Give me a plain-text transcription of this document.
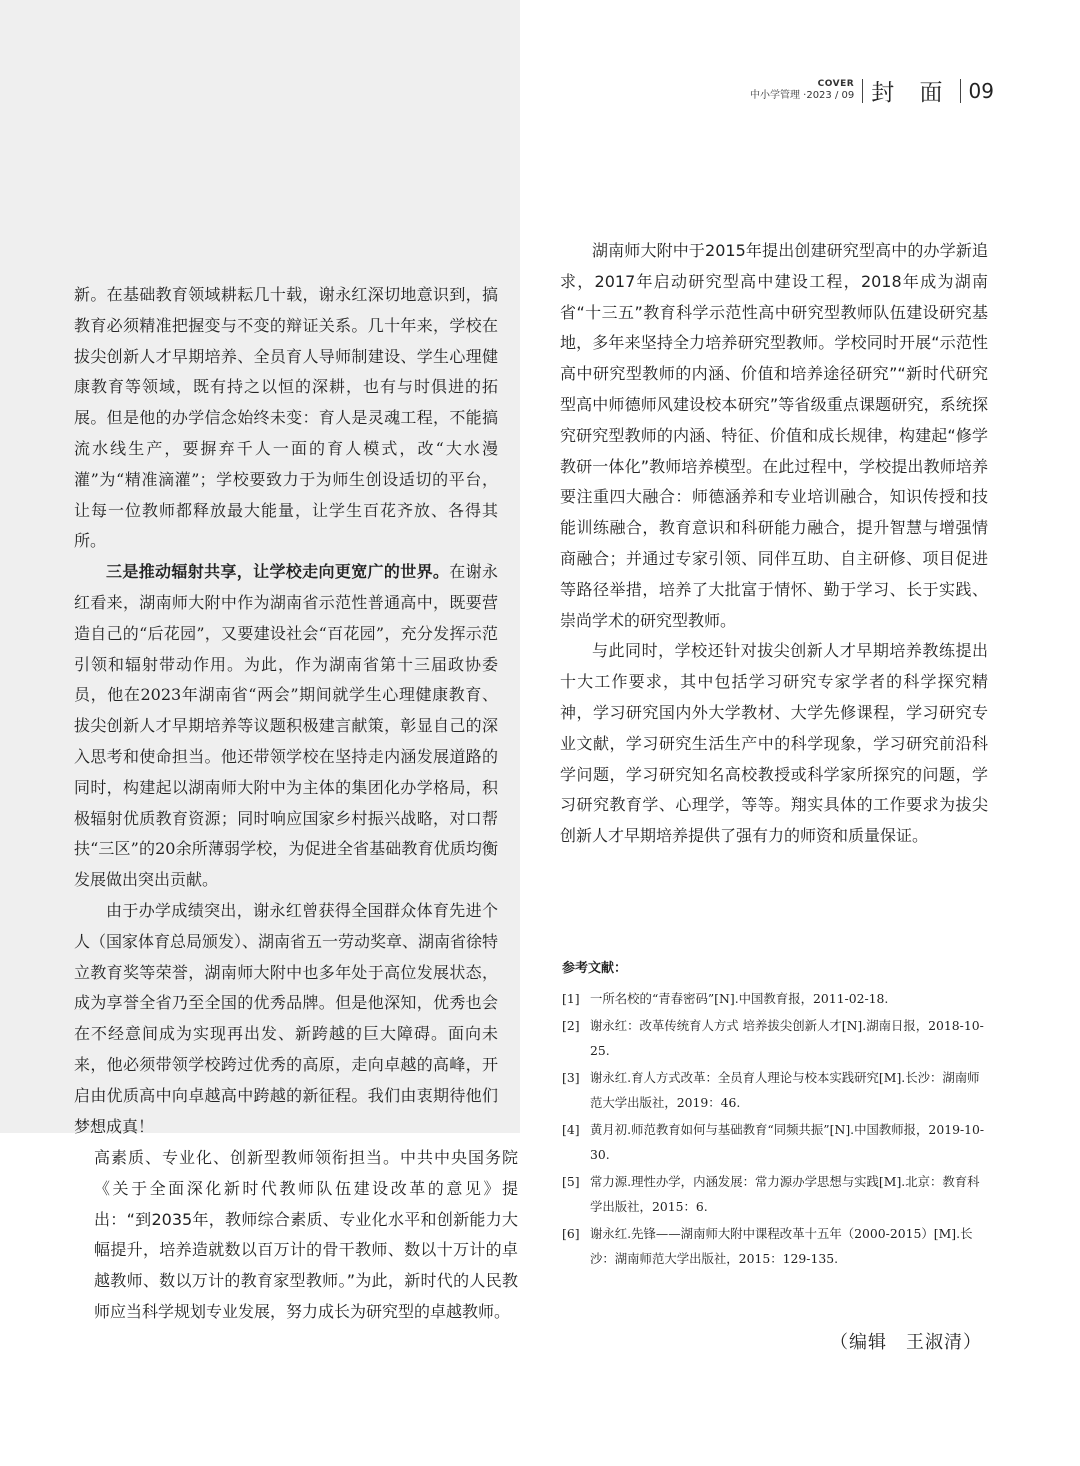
COVER
中小学管理 ·2023 / 09 封 面 09

新。在基础教育领域耕耘几十载，谢永红深切地意识到，搞教育必须精准把握变与不变的辩证关系。几十年来，学校在拔尖创新人才早期培养、全员育人导师制建设、学生心理健康教育等领域，既有持之以恒的深耕，也有与时俱进的拓展。但是他的办学信念始终未变：育人是灵魂工程，不能搞流水线生产，要摒弃千人一面的育人模式，改“大水漫灌”为“精准滴灌”；学校要致力于为师生创设适切的平台，让每一位教师都释放最大能量，让学生百花齐放、各得其所。

三是推动辐射共享，让学校走向更宽广的世界。在谢永红看来，湖南师大附中作为湖南省示范性普通高中，既要营造自己的“后花园”，又要建设社会“百花园”，充分发挥示范引领和辐射带动作用。为此，作为湖南省第十三届政协委员，他在2023年湖南省“两会”期间就学生心理健康教育、拔尖创新人才早期培养等议题积极建言献策，彰显自己的深入思考和使命担当。他还带领学校在坚持走内涵发展道路的同时，构建起以湖南师大附中为主体的集团化办学格局，积极辐射优质教育资源；同时响应国家乡村振兴战略，对口帮扶“三区”的20余所薄弱学校，为促进全省基础教育优质均衡发展做出突出贡献。

由于办学成绩突出，谢永红曾获得全国群众体育先进个人（国家体育总局颁发）、湖南省五一劳动奖章、湖南省徐特立教育奖等荣誉，湖南师大附中也多年处于高位发展状态，成为享誉全省乃至全国的优秀品牌。但是他深知，优秀也会在不经意间成为实现再出发、新跨越的巨大障碍。面向未来，他必须带领学校跨过优秀的高原，走向卓越的高峰，开启由优质高中向卓越高中跨越的新征程。我们由衷期待他们梦想成真！

高素质、专业化、创新型教师领衔担当。中共中央国务院《关于全面深化新时代教师队伍建设改革的意见》提出：“到2035年，教师综合素质、专业化水平和创新能力大幅提升，培养造就数以百万计的骨干教师、数以十万计的卓越教师、数以万计的教育家型教师。”为此，新时代的人民教师应当科学规划专业发展，努力成长为研究型的卓越教师。

湖南师大附中于2015年提出创建研究型高中的办学新追求，2017年启动研究型高中建设工程，2018年成为湖南省“十三五”教育科学示范性高中研究型教师队伍建设研究基地，多年来坚持全力培养研究型教师。学校同时开展“示范性高中研究型教师的内涵、价值和培养途径研究”“新时代研究型高中师德师风建设校本研究”等省级重点课题研究，系统探究研究型教师的内涵、特征、价值和成长规律，构建起“修学教研一体化”教师培养模型。在此过程中，学校提出教师培养要注重四大融合：师德涵养和专业培训融合，知识传授和技能训练融合，教育意识和科研能力融合，提升智慧与增强情商融合；并通过专家引领、同伴互助、自主研修、项目促进等路径举措，培养了大批富于情怀、勤于学习、长于实践、崇尚学术的研究型教师。

与此同时，学校还针对拔尖创新人才早期培养教练提出十大工作要求，其中包括学习研究专家学者的科学探究精神，学习研究国内外大学教材、大学先修课程，学习研究专业文献，学习研究生活生产中的科学现象，学习研究前沿科学问题，学习研究知名高校教授或科学家所探究的问题，学习研究教育学、心理学，等等。翔实具体的工作要求为拔尖创新人才早期培养提供了强有力的师资和质量保证。

参考文献：
[1] 一所名校的“青春密码”[N].中国教育报，2011-02-18.
[2] 谢永红：改革传统育人方式 培养拔尖创新人才[N].湖南日报，2018-10-25.
[3] 谢永红.育人方式改革：全员育人理论与校本实践研究[M].长沙：湖南师范大学出版社，2019：46.
[4] 黄月初.师范教育如何与基础教育“同频共振”[N].中国教师报，2019-10-30.
[5] 常力源.理性办学，内涵发展：常力源办学思想与实践[M].北京：教育科学出版社，2015：6.
[6] 谢永红.先锋——湖南师大附中课程改革十五年（2000-2015）[M].长沙：湖南师范大学出版社，2015：129-135.
（编辑　王淑清）
